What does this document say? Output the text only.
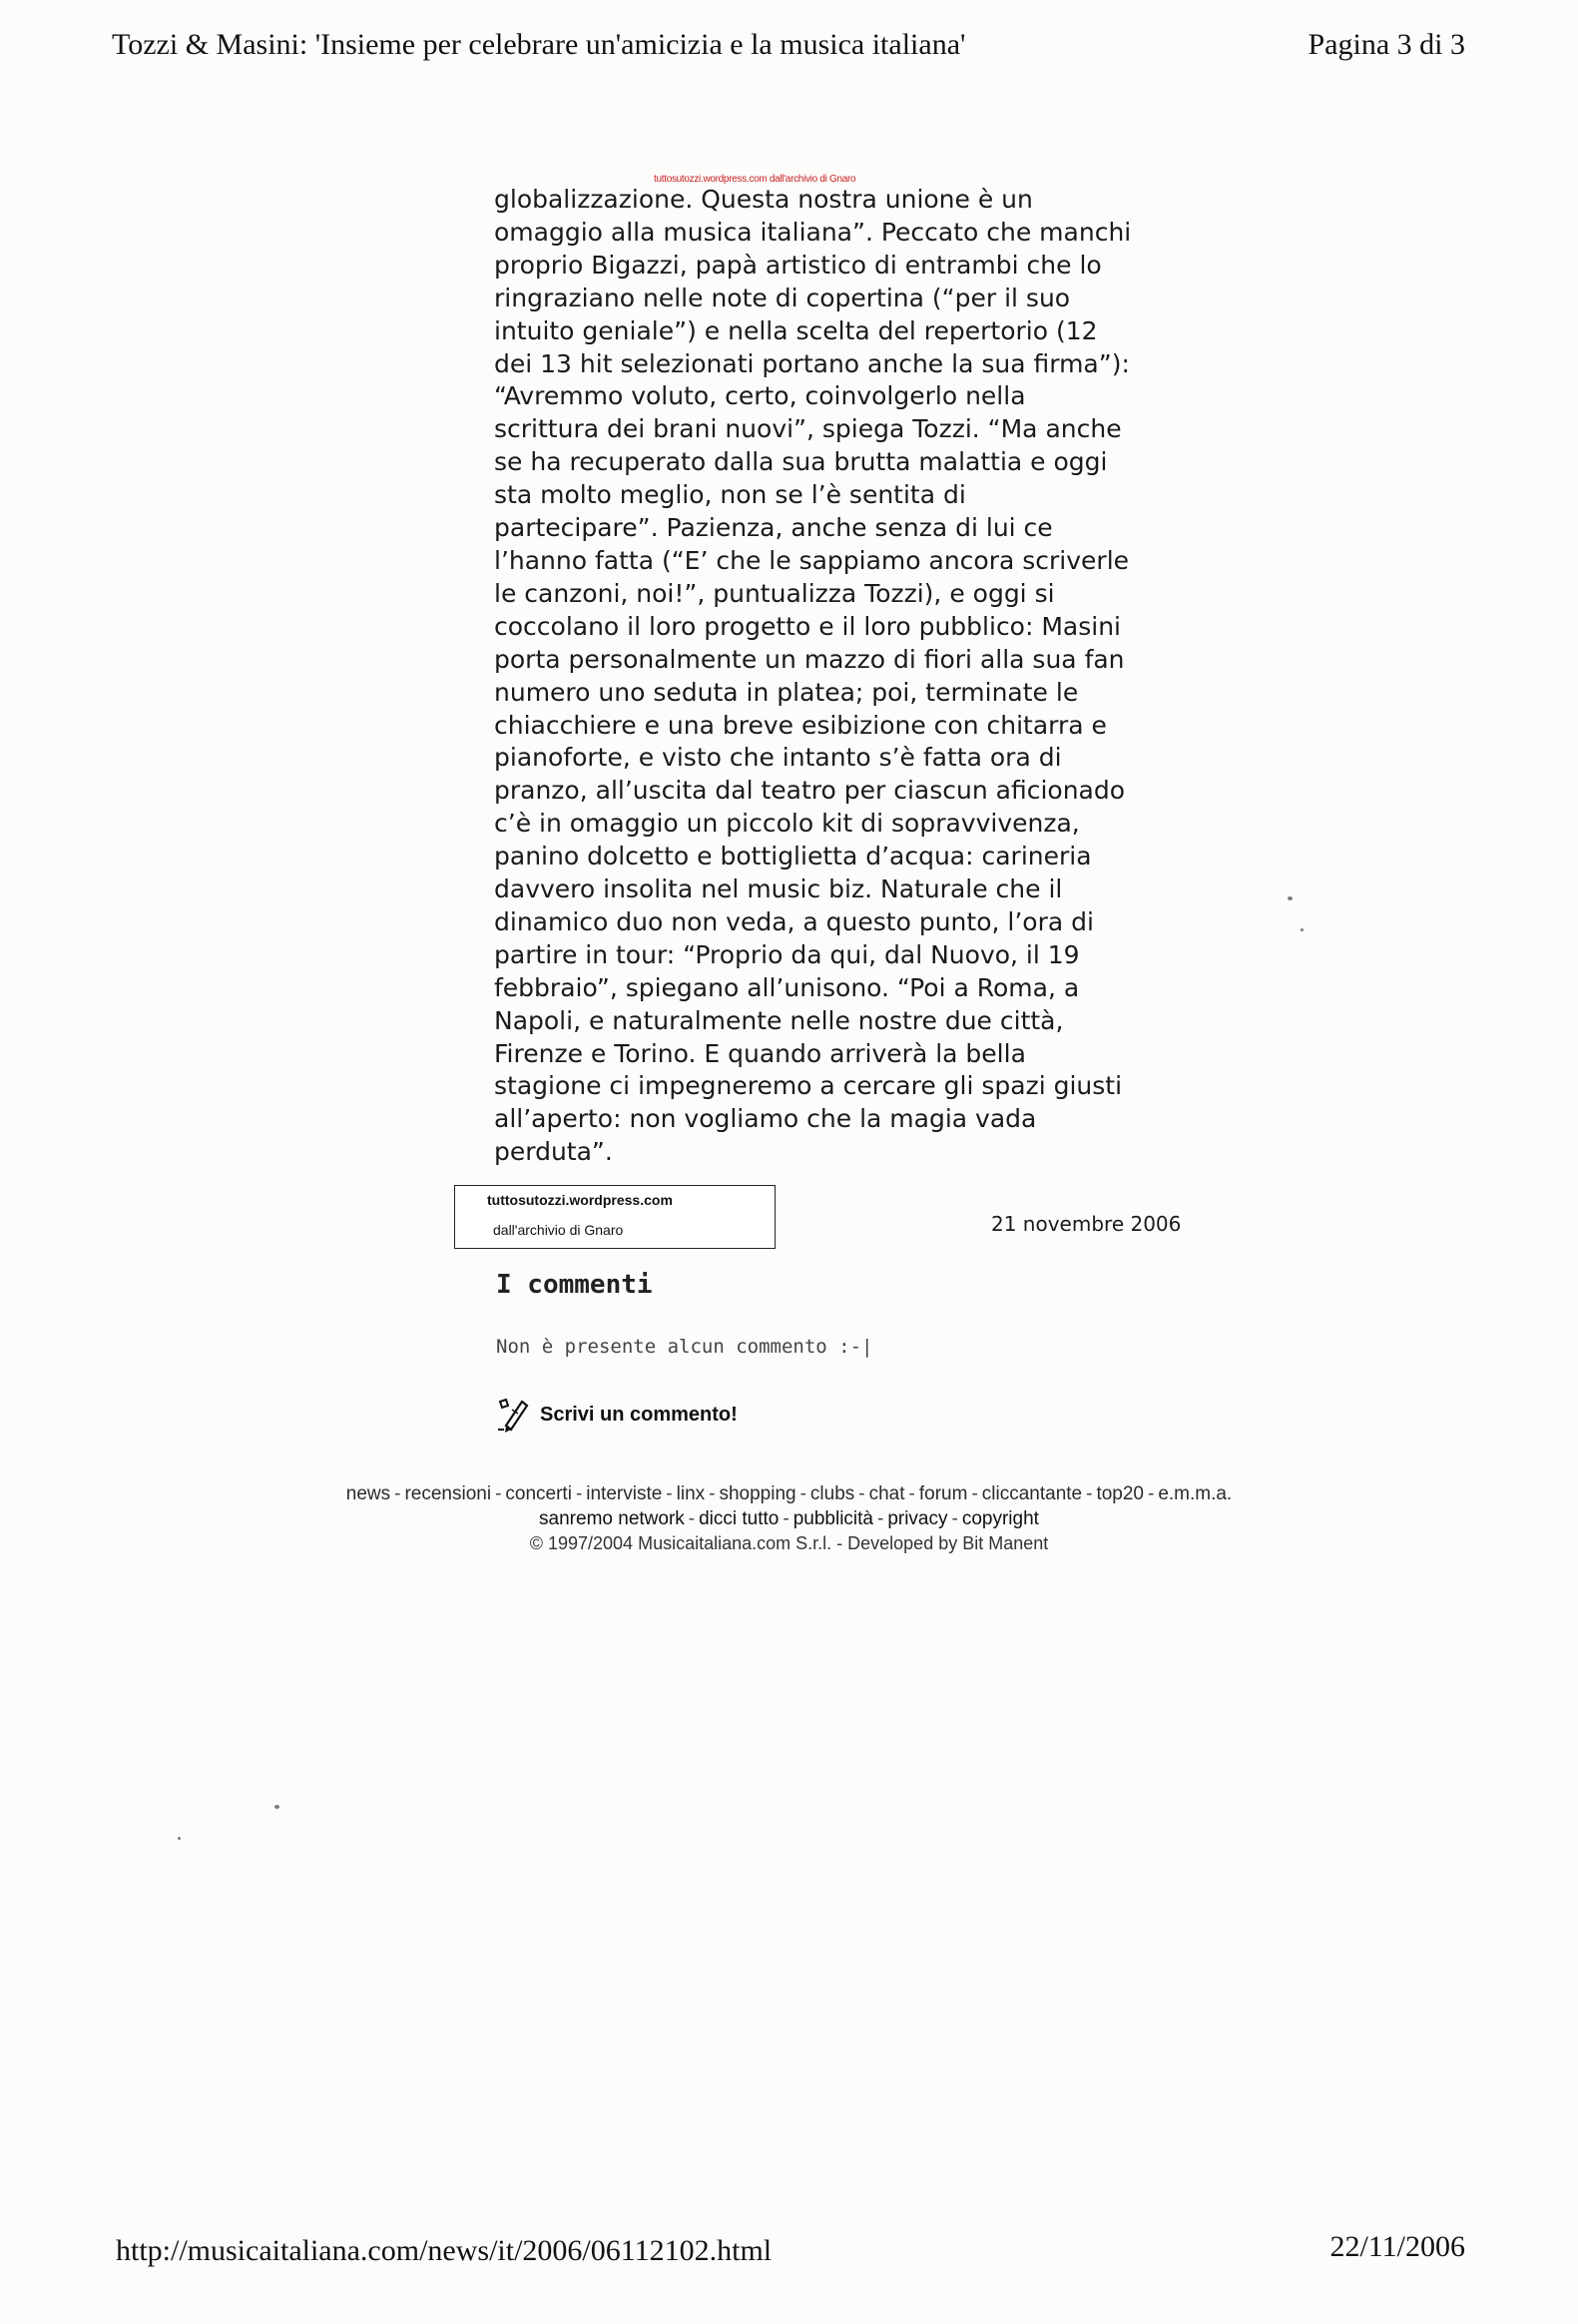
Tozzi & Masini: 'Insieme per celebrare un'amicizia e la musica italiana'	Pagina 3 di 3
tuttosutozzi.wordpress.com dall'archivio di Gnaro
globalizzazione. Questa nostra unione è un
omaggio alla musica italiana”. Peccato che manchi
proprio Bigazzi, papà artistico di entrambi che lo
ringraziano nelle note di copertina (“per il suo
intuito geniale”) e nella scelta del repertorio (12
dei 13 hit selezionati portano anche la sua firma”):
“Avremmo voluto, certo, coinvolgerlo nella
scrittura dei brani nuovi”, spiega Tozzi. “Ma anche
se ha recuperato dalla sua brutta malattia e oggi
sta molto meglio, non se l’è sentita di
partecipare”. Pazienza, anche senza di lui ce
l’hanno fatta (“E’ che le sappiamo ancora scriverle
le canzoni, noi!”, puntualizza Tozzi), e oggi si
coccolano il loro progetto e il loro pubblico: Masini
porta personalmente un mazzo di fiori alla sua fan
numero uno seduta in platea; poi, terminate le
chiacchiere e una breve esibizione con chitarra e
pianoforte, e visto che intanto s’è fatta ora di
pranzo, all’uscita dal teatro per ciascun aficionado
c’è in omaggio un piccolo kit di sopravvivenza,
panino dolcetto e bottiglietta d’acqua: carineria
davvero insolita nel music biz. Naturale che il
dinamico duo non veda, a questo punto, l’ora di
partire in tour: “Proprio da qui, dal Nuovo, il 19
febbraio”, spiegano all’unisono. “Poi a Roma, a
Napoli, e naturalmente nelle nostre due città,
Firenze e Torino. E quando arriverà la bella
stagione ci impegneremo a cercare gli spazi giusti
all’aperto: non vogliamo che la magia vada
perduta”.
tuttosutozzi.wordpress.com
dall'archivio di Gnaro	21 novembre 2006
I commenti
Non è presente alcun commento :-|
Scrivi un commento!
news - recensioni - concerti - interviste - linx - shopping - clubs - chat - forum - cliccantante - top20 - e.m.m.a.
sanremo network - dicci tutto - pubblicità - privacy - copyright
© 1997/2004 Musicaitaliana.com S.r.l. - Developed by Bit Manent
http://musicaitaliana.com/news/it/2006/06112102.html	22/11/2006
